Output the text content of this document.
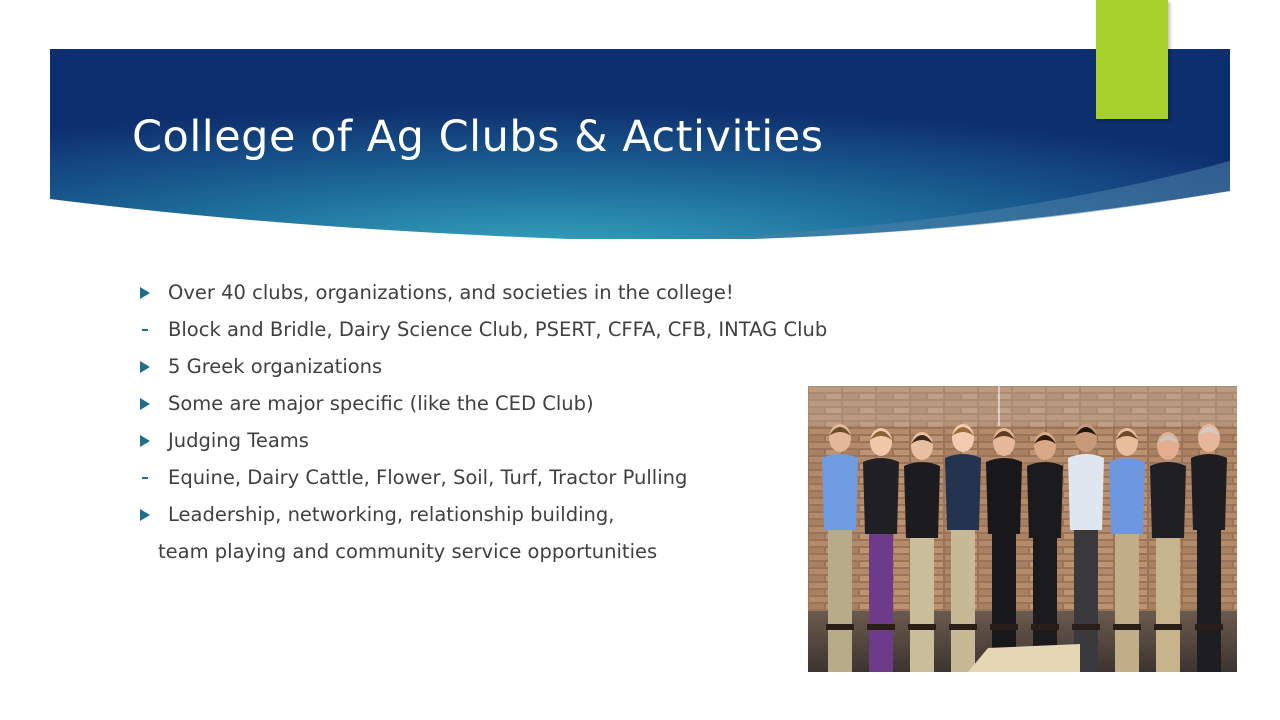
College of Ag Clubs & Activities
Over 40 clubs, organizations, and societies in the college!
Block and Bridle, Dairy Science Club, PSERT, CFFA, CFB, INTAG Club
5 Greek organizations
Some are major specific (like the CED Club)
Judging Teams
Equine, Dairy Cattle, Flower, Soil, Turf, Tractor Pulling
Leadership, networking, relationship building,
team playing and community service opportunities
